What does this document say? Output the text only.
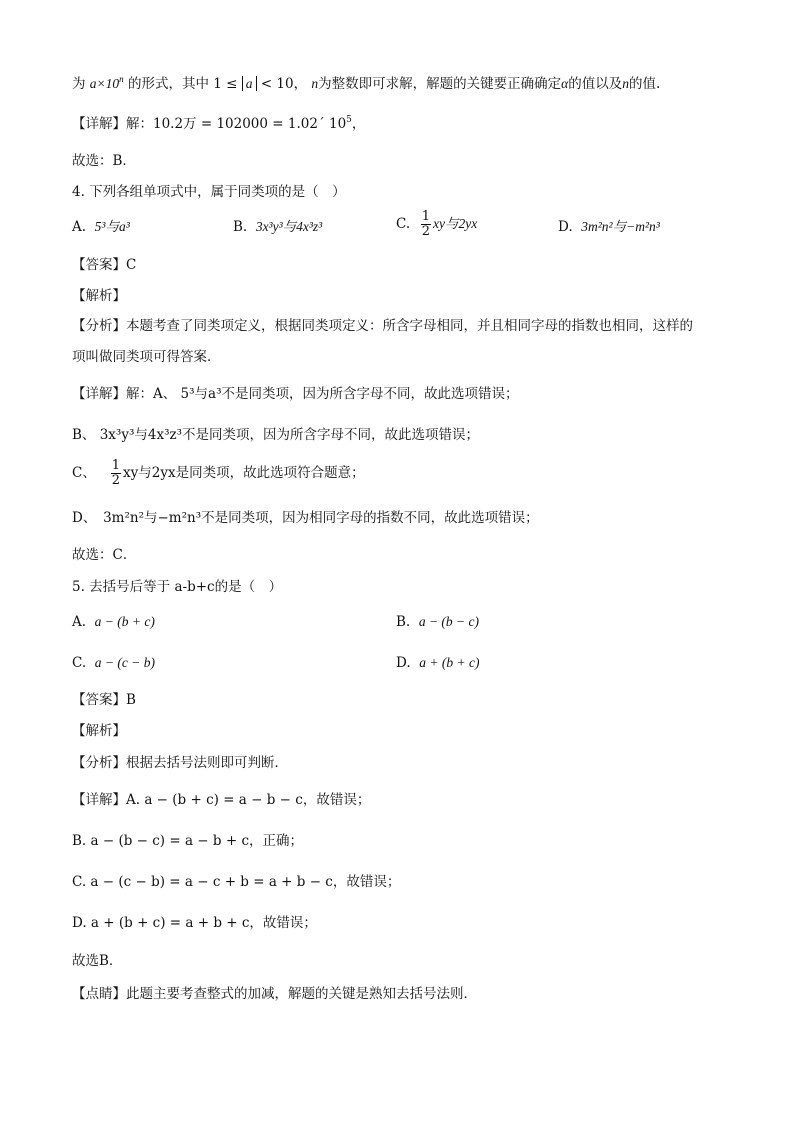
为 $a\times 10^n$ 的形式，其中 1 ≤ a < 10， n为整数即可求解，解题的关键要正确确定α的值以及n的值.
【详解】解：10.2万 = 102000 = 1.02´ $10^5$，
故选：B．
4. 下列各组单项式中，属于同类项的是（　）
A. 5³与a³	B. 3x³y³与4x³z³	C. $\frac{1}{2}$ xy与2yx	D. 3m²n²与−m²n³
【答案】C
【解析】
【分析】本题考查了同类项定义，根据同类项定义：所含字母相同，并且相同字母的指数也相同，这样的
项叫做同类项可得答案．
【详解】解：A、 5³与a³不是同类项，因为所含字母不同，故此选项错误；
B、 3x³y³与4x³z³不是同类项，因为所含字母不同，故此选项错误；
C、 $\frac{1}{2}$ xy与2yx是同类项，故此选项符合题意；
D、　3m²n²与−m²n³不是同类项，因为相同字母的指数不同，故此选项错误；
故选：C．
5. 去括号后等于 a-b+c的是（　）
A. a − (b + c)	B. a − (b − c)
C. a − (c − b)	D. a + (b + c)
【答案】B
【解析】
【分析】根据去括号法则即可判断．
【详解】A. a − (b + c) = a − b − c，故错误；
B. a − (b − c) = a − b + c，正确；
C. a − (c − b) = a − c + b = a + b − c，故错误；
D. a + (b + c) = a + b + c，故错误；
故选B．
【点睛】此题主要考查整式的加减，解题的关键是熟知去括号法则．
